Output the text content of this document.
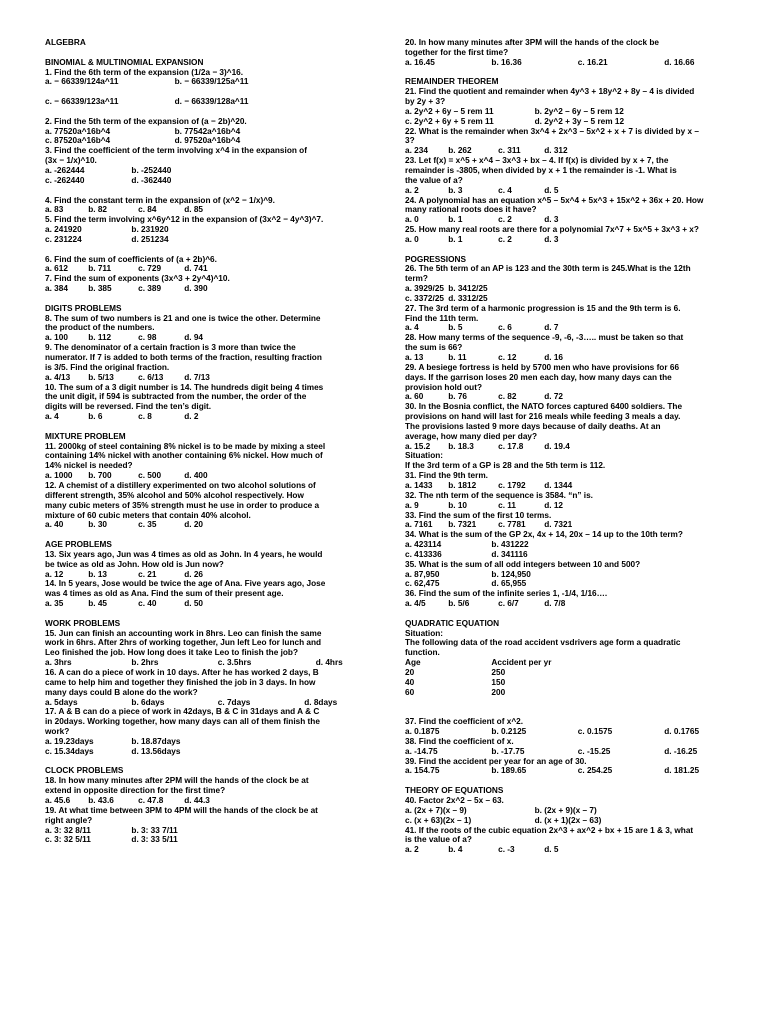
ALGEBRA
BINOMIAL & MULTINOMIAL EXPANSION
1. Find the 6th term of the expansion (1/2a − 3)^16.
a. − 66339/124a^11	b. − 66339/125a^11
c. − 66339/123a^11	d. − 66339/128a^11
2. Find the 5th term of the expansion of (a − 2b)^20.
a. 77520a^16b^4	b. 77542a^16b^4
c. 87520a^16b^4	d. 97520a^16b^4
3. Find the coefficient of the term involving x^4 in the expansion of
(3x − 1/x)^10.
a. -262444	b. -252440
c. -262440	d. -362440
4. Find the constant term in the expansion of (x^2 − 1/x)^9.
a. 83	b. 82	c. 84	d. 85
5. Find the term involving x^6y^12 in the expansion of (3x^2 − 4y^3)^7.
a. 241920	b. 231920
c. 231224	d. 251234
6. Find the sum of coefficients of (a + 2b)^6.
a. 612 b. 711	c. 729	d. 741
7. Find the sum of exponents (3x^3 + 2y^4)^10.
a. 384 b. 385	c. 389	d. 390
DIGITS PROBLEMS
8. The sum of two numbers is 21 and one is twice the other. Determine
the product of the numbers.
a. 100 b. 112	c. 98	d. 94
9. The denominator of a certain fraction is 3 more than twice the
numerator. If 7 is added to both terms of the fraction, resulting fraction
is 3/5. Find the original fraction.
a. 4/13 b. 5/13	c. 6/13 d. 7/13
10. The sum of a 3 digit number is 14. The hundreds digit being 4 times
the unit digit, if 594 is subtracted from the number, the order of the
digits will be reversed. Find the ten’s digit.
a. 4	b. 6	c. 8	d. 2
MIXTURE PROBLEM
11. 2000kg of steel containing 8% nickel is to be made by mixing a steel
containing 14% nickel with another containing 6% nickel. How much of
14% nickel is needed?
a. 1000 b. 700	c. 500	d. 400
12. A chemist of a distillery experimented on two alcohol solutions of
different strength, 35% alcohol and 50% alcohol respectively. How
many cubic meters of 35% strength must he use in order to produce a
mixture of 60 cubic meters that contain 40% alcohol.
a. 40	b. 30	c. 35	d. 20
AGE PROBLEMS
13. Six years ago, Jun was 4 times as old as John. In 4 years, he would
be twice as old as John. How old is Jun now?
a. 12	b. 13	c. 21	d. 26
14. In 5 years, Jose would be twice the age of Ana. Five years ago, Jose
was 4 times as old as Ana. Find the sum of their present age.
a. 35	b. 45	c. 40	d. 50
WORK PROBLEMS
15. Jun can finish an accounting work in 8hrs. Leo can finish the same
work in 6hrs. After 2hrs of working together, Jun left Leo for lunch and
Leo finished the job. How long does it take Leo to finish the job?
a. 3hrs	b. 2hrs	c. 3.5hrs	d. 4hrs
16. A can do a piece of work in 10 days. After he has worked 2 days, B
came to help him and together they finished the job in 3 days. In how
many days could B alone do the work?
a. 5days	b. 6days	c. 7days	d. 8days
17. A & B can do a piece of work in 42days, B & C in 31days and A & C
in 20days. Working together, how many days can all of them finish the
work?
a. 19.23days	b. 18.87days
c. 15.34days	d. 13.56days
CLOCK PROBLEMS
18. In how many minutes after 2PM will the hands of the clock be at
extend in opposite direction for the first time?
a. 45.6 b. 43.6	c. 47.8 d. 44.3
19. At what time between 3PM to 4PM will the hands of the clock be at
right angle?
a. 3: 32 8/11	b. 3: 33 7/11
c. 3: 32 5/11	d. 3: 33 5/11
20. In how many minutes after 3PM will the hands of the clock be
together for the first time?
a. 16.45	b. 16.36	c. 16.21	d. 16.66
REMAINDER THEOREM
21. Find the quotient and remainder when 4y^3 + 18y^2 + 8y – 4 is divided
by 2y + 3?
a. 2y^2 + 6y – 5 rem 11	b. 2y^2 – 6y – 5 rem 12
c. 2y^2 + 6y + 5 rem 11	d. 2y^2 + 3y – 5 rem 12
22. What is the remainder when 3x^4 + 2x^3 – 5x^2 + x + 7 is divided by x –
3?
a. 234 b. 262	c. 311	d. 312
23. Let f(x) = x^5 + x^4 – 3x^3 + bx – 4. If f(x) is divided by x + 7, the
remainder is -3805, when divided by x + 1 the remainder is -1. What is
the value of a?
a. 2	b. 3	c. 4	d. 5
24. A polynomial has an equation x^5 – 5x^4 + 5x^3 + 15x^2 + 36x + 20. How
many rational roots does it have?
a. 0	b. 1	c. 2	d. 3
25. How many real roots are there for a polynomial 7x^7 + 5x^5 + 3x^3 + x?
a. 0	b. 1	c. 2	d. 3
POGRESSIONS
26. The 5th term of an AP is 123 and the 30th term is 245.What is the 12th
term?
a. 3929/25 b. 3412/25
c. 3372/25 d. 3312/25
27. The 3rd term of a harmonic progression is 15 and the 9th term is 6.
Find the 11th term.
a. 4	b. 5	c. 6	d. 7
28. How many terms of the sequence -9, -6, -3….. must be taken so that
the sum is 66?
a. 13	b. 11	c. 12	d. 16
29. A besiege fortress is held by 5700 men who have provisions for 66
days. If the garrison loses 20 men each day, how many days can the
provision hold out?
a. 60	b. 76	c. 82	d. 72
30. In the Bosnia conflict, the NATO forces captured 6400 soldiers. The
provisions on hand will last for 216 meals while feeding 3 meals a day.
The provisions lasted 9 more days because of daily deaths. At an
average, how many died per day?
a. 15.2 b. 18.3	c. 17.8 d. 19.4
Situation:
If the 3rd term of a GP is 28 and the 5th term is 112.
31. Find the 9th term.
a. 1433 b. 1812	c. 1792 d. 1344
32. The nth term of the sequence is 3584. “n” is.
a. 9	b. 10	c. 11	d. 12
33. Find the sum of the first 10 terms.
a. 7161 b. 7321	c. 7781 d. 7321
34. What is the sum of the GP 2x, 4x + 14, 20x – 14 up to the 10th term?
a. 423114	b. 431222
c. 413336	d. 341116
35. What is the sum of all odd integers between 10 and 500?
a. 87,950	b. 124,950
c. 62,475	d. 65,955
36. Find the sum of the infinite series 1, -1/4, 1/16….
a. 4/5	b. 5/6	c. 6/7	d. 7/8
QUADRATIC EQUATION
Situation:
The following data of the road accident vsdrivers age form a quadratic
function.
Age	Accident per yr
20	250
40	150
60	200
37. Find the coefficient of x^2.
a. 0.1875	b. 0.2125	c. 0.1575	d. 0.1765
38. Find the coefficient of x.
a. -14.75	b. -17.75	c. -15.25	d. -16.25
39. Find the accident per year for an age of 30.
a. 154.75	b. 189.65	c. 254.25	d. 181.25
THEORY OF EQUATIONS
40. Factor 2x^2 – 5x – 63.
a. (2x + 7)(x – 9)	b. (2x + 9)(x – 7)
c. (x + 63)(2x – 1)	d. (x + 1)(2x – 63)
41. If the roots of the cubic equation 2x^3 + ax^2 + bx + 15 are 1 & 3, what
is the value of a?
a. 2	b. 4	c. -3	d. 5
